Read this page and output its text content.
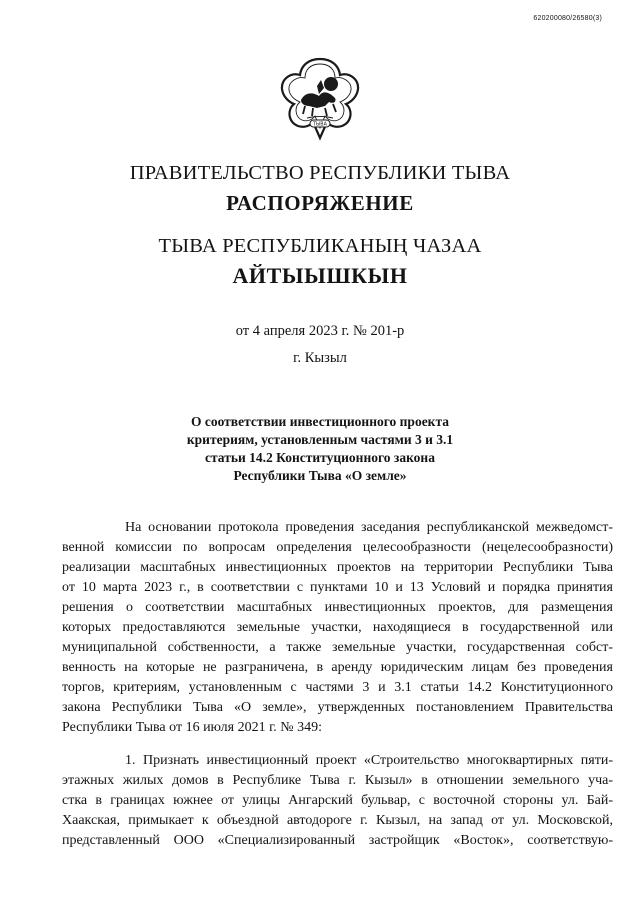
620200080/26580(3)
ТЫВА
ПРАВИТЕЛЬСТВО РЕСПУБЛИКИ ТЫВА
РАСПОРЯЖЕНИЕ
ТЫВА РЕСПУБЛИКАНЫҢ ЧАЗАА
АЙТЫЫШКЫН
от 4 апреля 2023 г. № 201-р
г. Кызыл
О соответствии инвестиционного проекта
критериям, установленным частями 3 и 3.1
статьи 14.2 Конституционного закона
Республики Тыва «О земле»
На основании протокола проведения заседания республиканской межведомст-
венной комиссии по вопросам определения целесообразности (нецелесообразности)
реализации масштабных инвестиционных проектов на территории Республики Тыва
от 10 марта 2023 г., в соответствии с пунктами 10 и 13 Условий и порядка принятия
решения о соответствии масштабных инвестиционных проектов, для размещения
которых предоставляются земельные участки, находящиеся в государственной или
муниципальной собственности, а также земельные участки, государственная собст-
венность на которые не разграничена, в аренду юридическим лицам без проведения
торгов, критериям, установленным с частями 3 и 3.1 статьи 14.2 Конституционного
закона Республики Тыва «О земле», утвержденных постановлением Правительства
Республики Тыва от 16 июля 2021 г. № 349:
1. Признать инвестиционный проект «Строительство многоквартирных пяти-
этажных жилых домов в Республике Тыва г. Кызыл» в отношении земельного уча-
стка в границах южнее от улицы Ангарский бульвар, с восточной стороны ул. Бай-
Хаакская, примыкает к объездной автодороге г. Кызыл, на запад от ул. Московской,
представленный ООО «Специализированный застройщик «Восток», соответствую-
